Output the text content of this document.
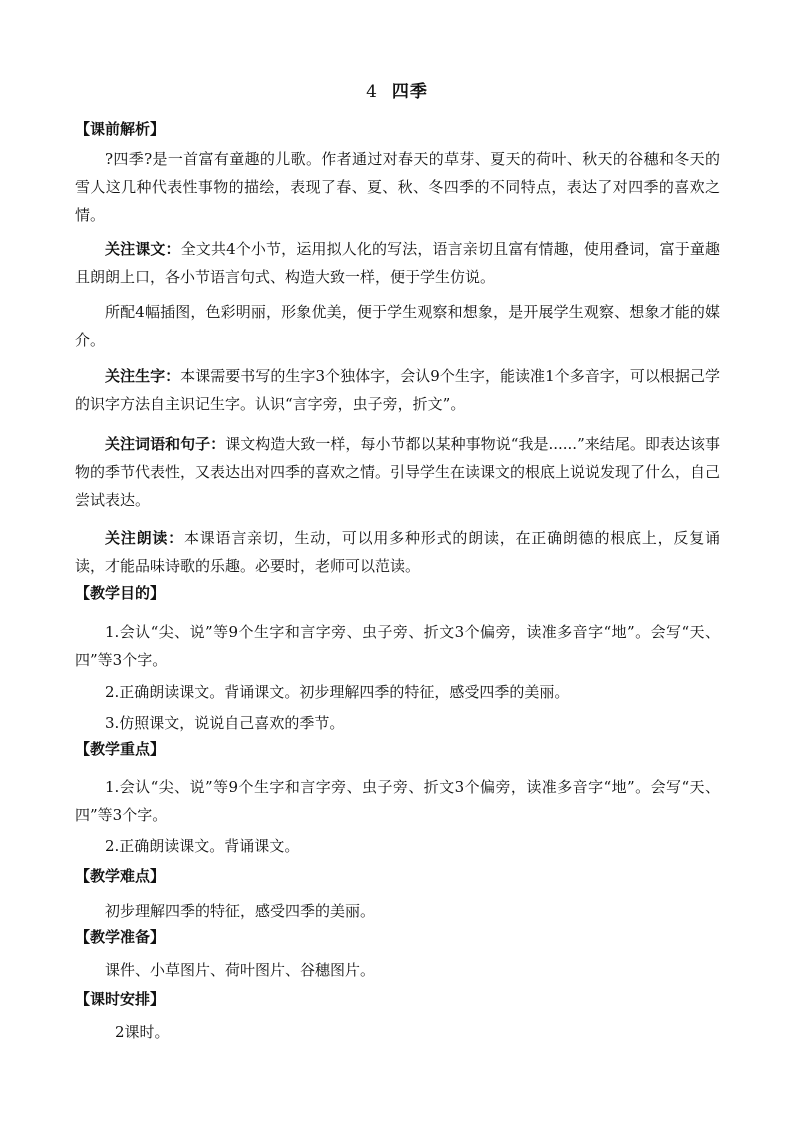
4 四季
【课前解析】

?四季?是一首富有童趣的儿歌。作者通过对春天的草芽、夏天的荷叶、秋天的谷穗和冬天的雪人这几种代表性事物的描绘，表现了春、夏、秋、冬四季的不同特点，表达了对四季的喜欢之情。

关注课文：全文共4个小节，运用拟人化的写法，语言亲切且富有情趣，使用叠词，富于童趣且朗朗上口，各小节语言句式、构造大致一样，便于学生仿说。

所配4幅插图，色彩明丽，形象优美，便于学生观察和想象，是开展学生观察、想象才能的媒介。

关注生字：本课需要书写的生字3个独体字，会认9个生字，能读准1个多音字，可以根据己学的识字方法自主识记生字。认识“言字旁，虫子旁，折文”。

关注词语和句子：课文构造大致一样，每小节都以某种事物说“我是......”来结尾。即表达该事物的季节代表性，又表达出对四季的喜欢之情。引导学生在读课文的根底上说说发现了什么，自己尝试表达。

关注朗读：本课语言亲切，生动，可以用多种形式的朗读，在正确朗德的根底上，反复诵读，才能品味诗歌的乐趣。必要时，老师可以范读。

【教学目的】

1.会认“尖、说”等9个生字和言字旁、虫子旁、折文3个偏旁，读准多音字“地”。会写“天、四”等3个字。

2.正确朗读课文。背诵课文。初步理解四季的特征，感受四季的美丽。
3.仿照课文，说说自己喜欢的季节。
【教学重点】

1.会认“尖、说”等9个生字和言字旁、虫子旁、折文3个偏旁，读准多音字“地”。会写“天、四”等3个字。

2.正确朗读课文。背诵课文。
【教学难点】
初步理解四季的特征，感受四季的美丽。
【教学准备】
课件、小草图片、荷叶图片、谷穗图片。
【课时安排】
2课时。
